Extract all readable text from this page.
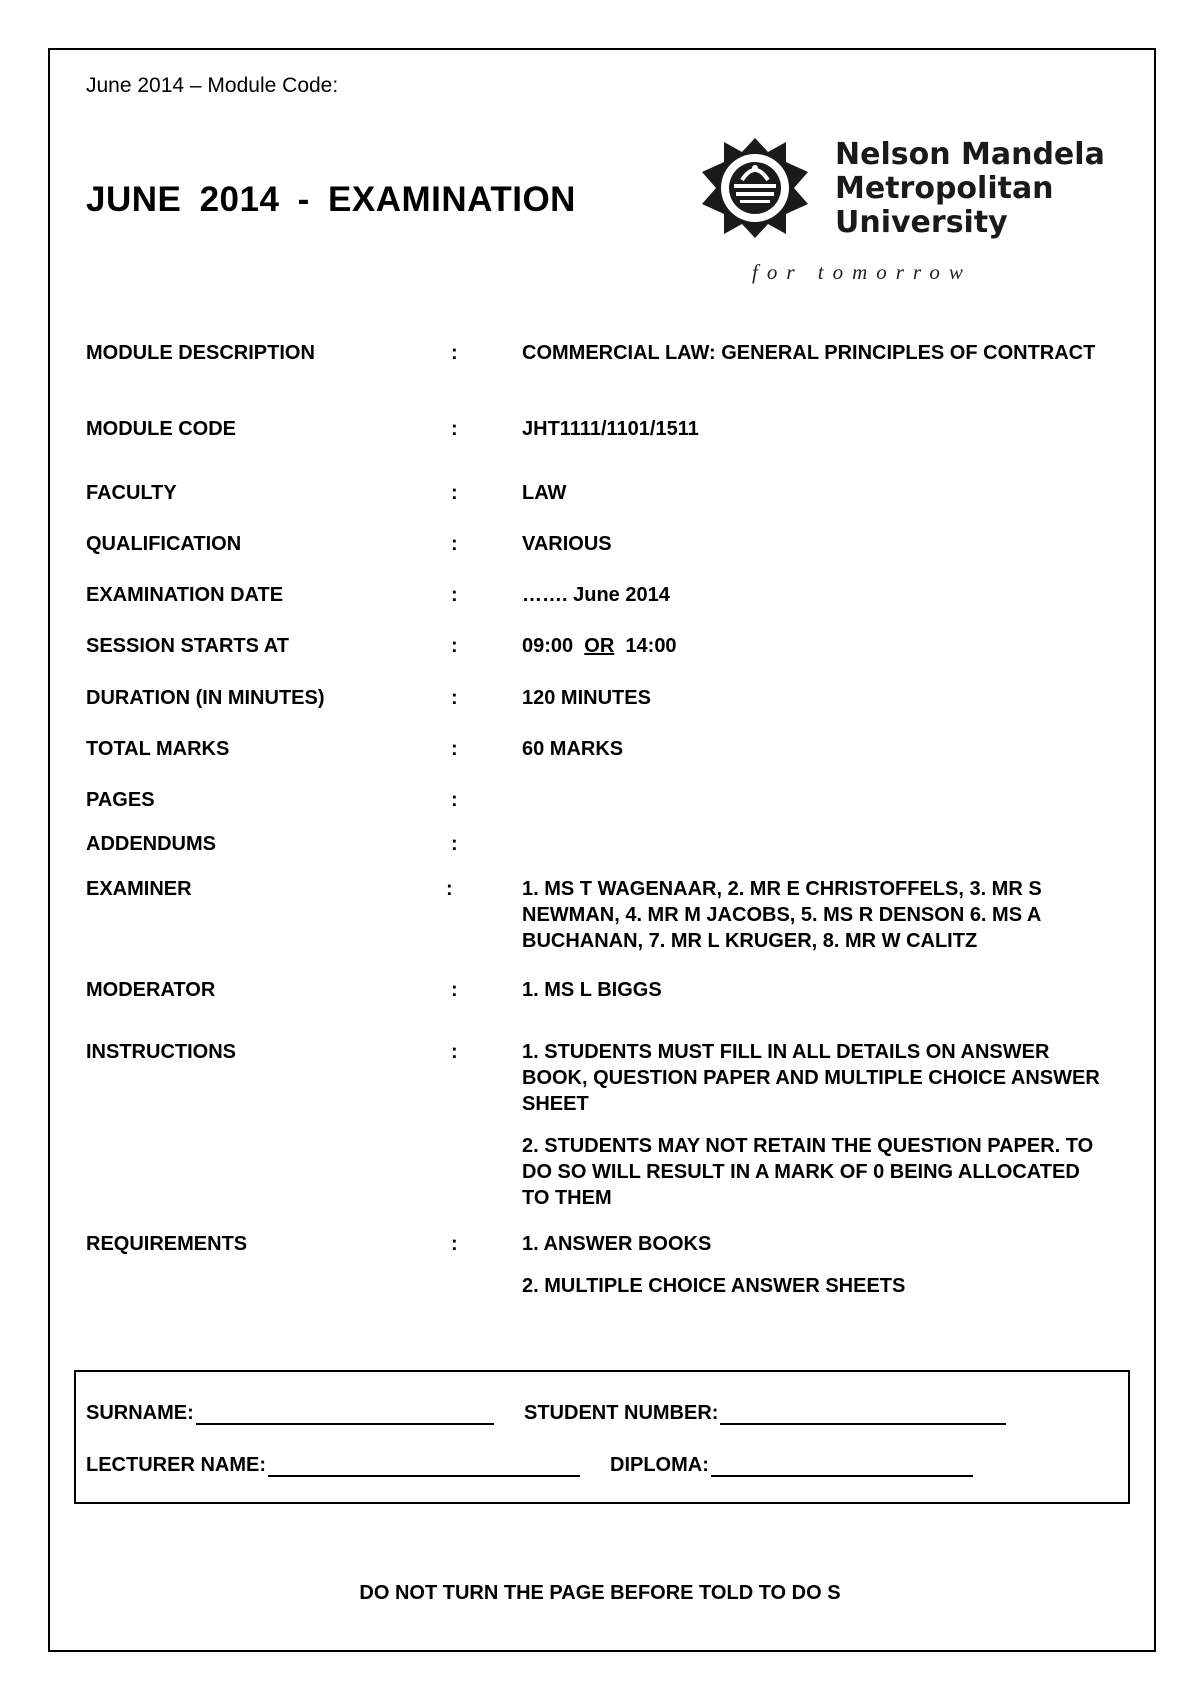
June 2014 – Module Code:
JUNE 2014 - EXAMINATION
Nelson Mandela
Metropolitan
University
for tomorrow
MODULE DESCRIPTION	:	COMMERCIAL LAW: GENERAL PRINCIPLES OF CONTRACT
MODULE CODE	:	JHT1111/1101/1511
FACULTY	:	LAW
QUALIFICATION	:	VARIOUS
EXAMINATION DATE	:	……. June 2014
SESSION STARTS AT	:	09:00 OR 14:00
DURATION (IN MINUTES)	:	120 MINUTES
TOTAL MARKS	:	60 MARKS
PAGES	:
ADDENDUMS	:
EXAMINER	:	1. MS T WAGENAAR, 2. MR E CHRISTOFFELS, 3. MR S NEWMAN, 4. MR M JACOBS, 5. MS R DENSON 6. MS A BUCHANAN, 7. MR L KRUGER, 8. MR W CALITZ
MODERATOR	:	1. MS L BIGGS
INSTRUCTIONS	:	1. STUDENTS MUST FILL IN ALL DETAILS ON ANSWER BOOK, QUESTION PAPER AND MULTIPLE CHOICE ANSWER SHEET

2. STUDENTS MAY NOT RETAIN THE QUESTION PAPER. TO DO SO WILL RESULT IN A MARK OF 0 BEING ALLOCATED TO THEM

REQUIREMENTS	:	1. ANSWER BOOKS

2. MULTIPLE CHOICE ANSWER SHEETS

SURNAME:	STUDENT NUMBER:
LECTURER NAME:	DIPLOMA:
DO NOT TURN THE PAGE BEFORE TOLD TO DO S
